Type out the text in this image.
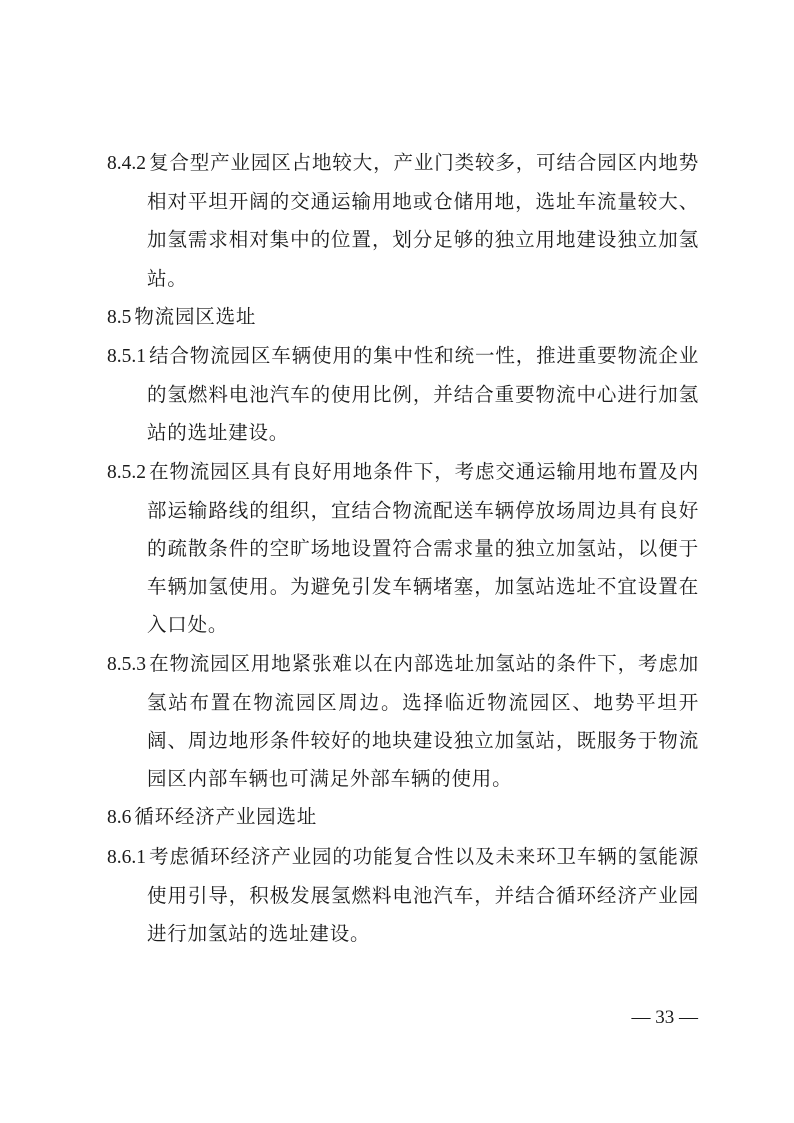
8.4.2 复合型产业园区占地较大，产业门类较多，可结合园区内地势相对平坦开阔的交通运输用地或仓储用地，选址车流量较大、加氢需求相对集中的位置，划分足够的独立用地建设独立加氢站。

8.5 物流园区选址

8.5.1 结合物流园区车辆使用的集中性和统一性，推进重要物流企业的氢燃料电池汽车的使用比例，并结合重要物流中心进行加氢站的选址建设。

8.5.2 在物流园区具有良好用地条件下，考虑交通运输用地布置及内部运输路线的组织，宜结合物流配送车辆停放场周边具有良好的疏散条件的空旷场地设置符合需求量的独立加氢站，以便于车辆加氢使用。为避免引发车辆堵塞，加氢站选址不宜设置在入口处。

8.5.3 在物流园区用地紧张难以在内部选址加氢站的条件下，考虑加氢站布置在物流园区周边。选择临近物流园区、地势平坦开阔、周边地形条件较好的地块建设独立加氢站，既服务于物流园区内部车辆也可满足外部车辆的使用。

8.6 循环经济产业园选址

8.6.1 考虑循环经济产业园的功能复合性以及未来环卫车辆的氢能源使用引导，积极发展氢燃料电池汽车，并结合循环经济产业园进行加氢站的选址建设。

— 33 —
